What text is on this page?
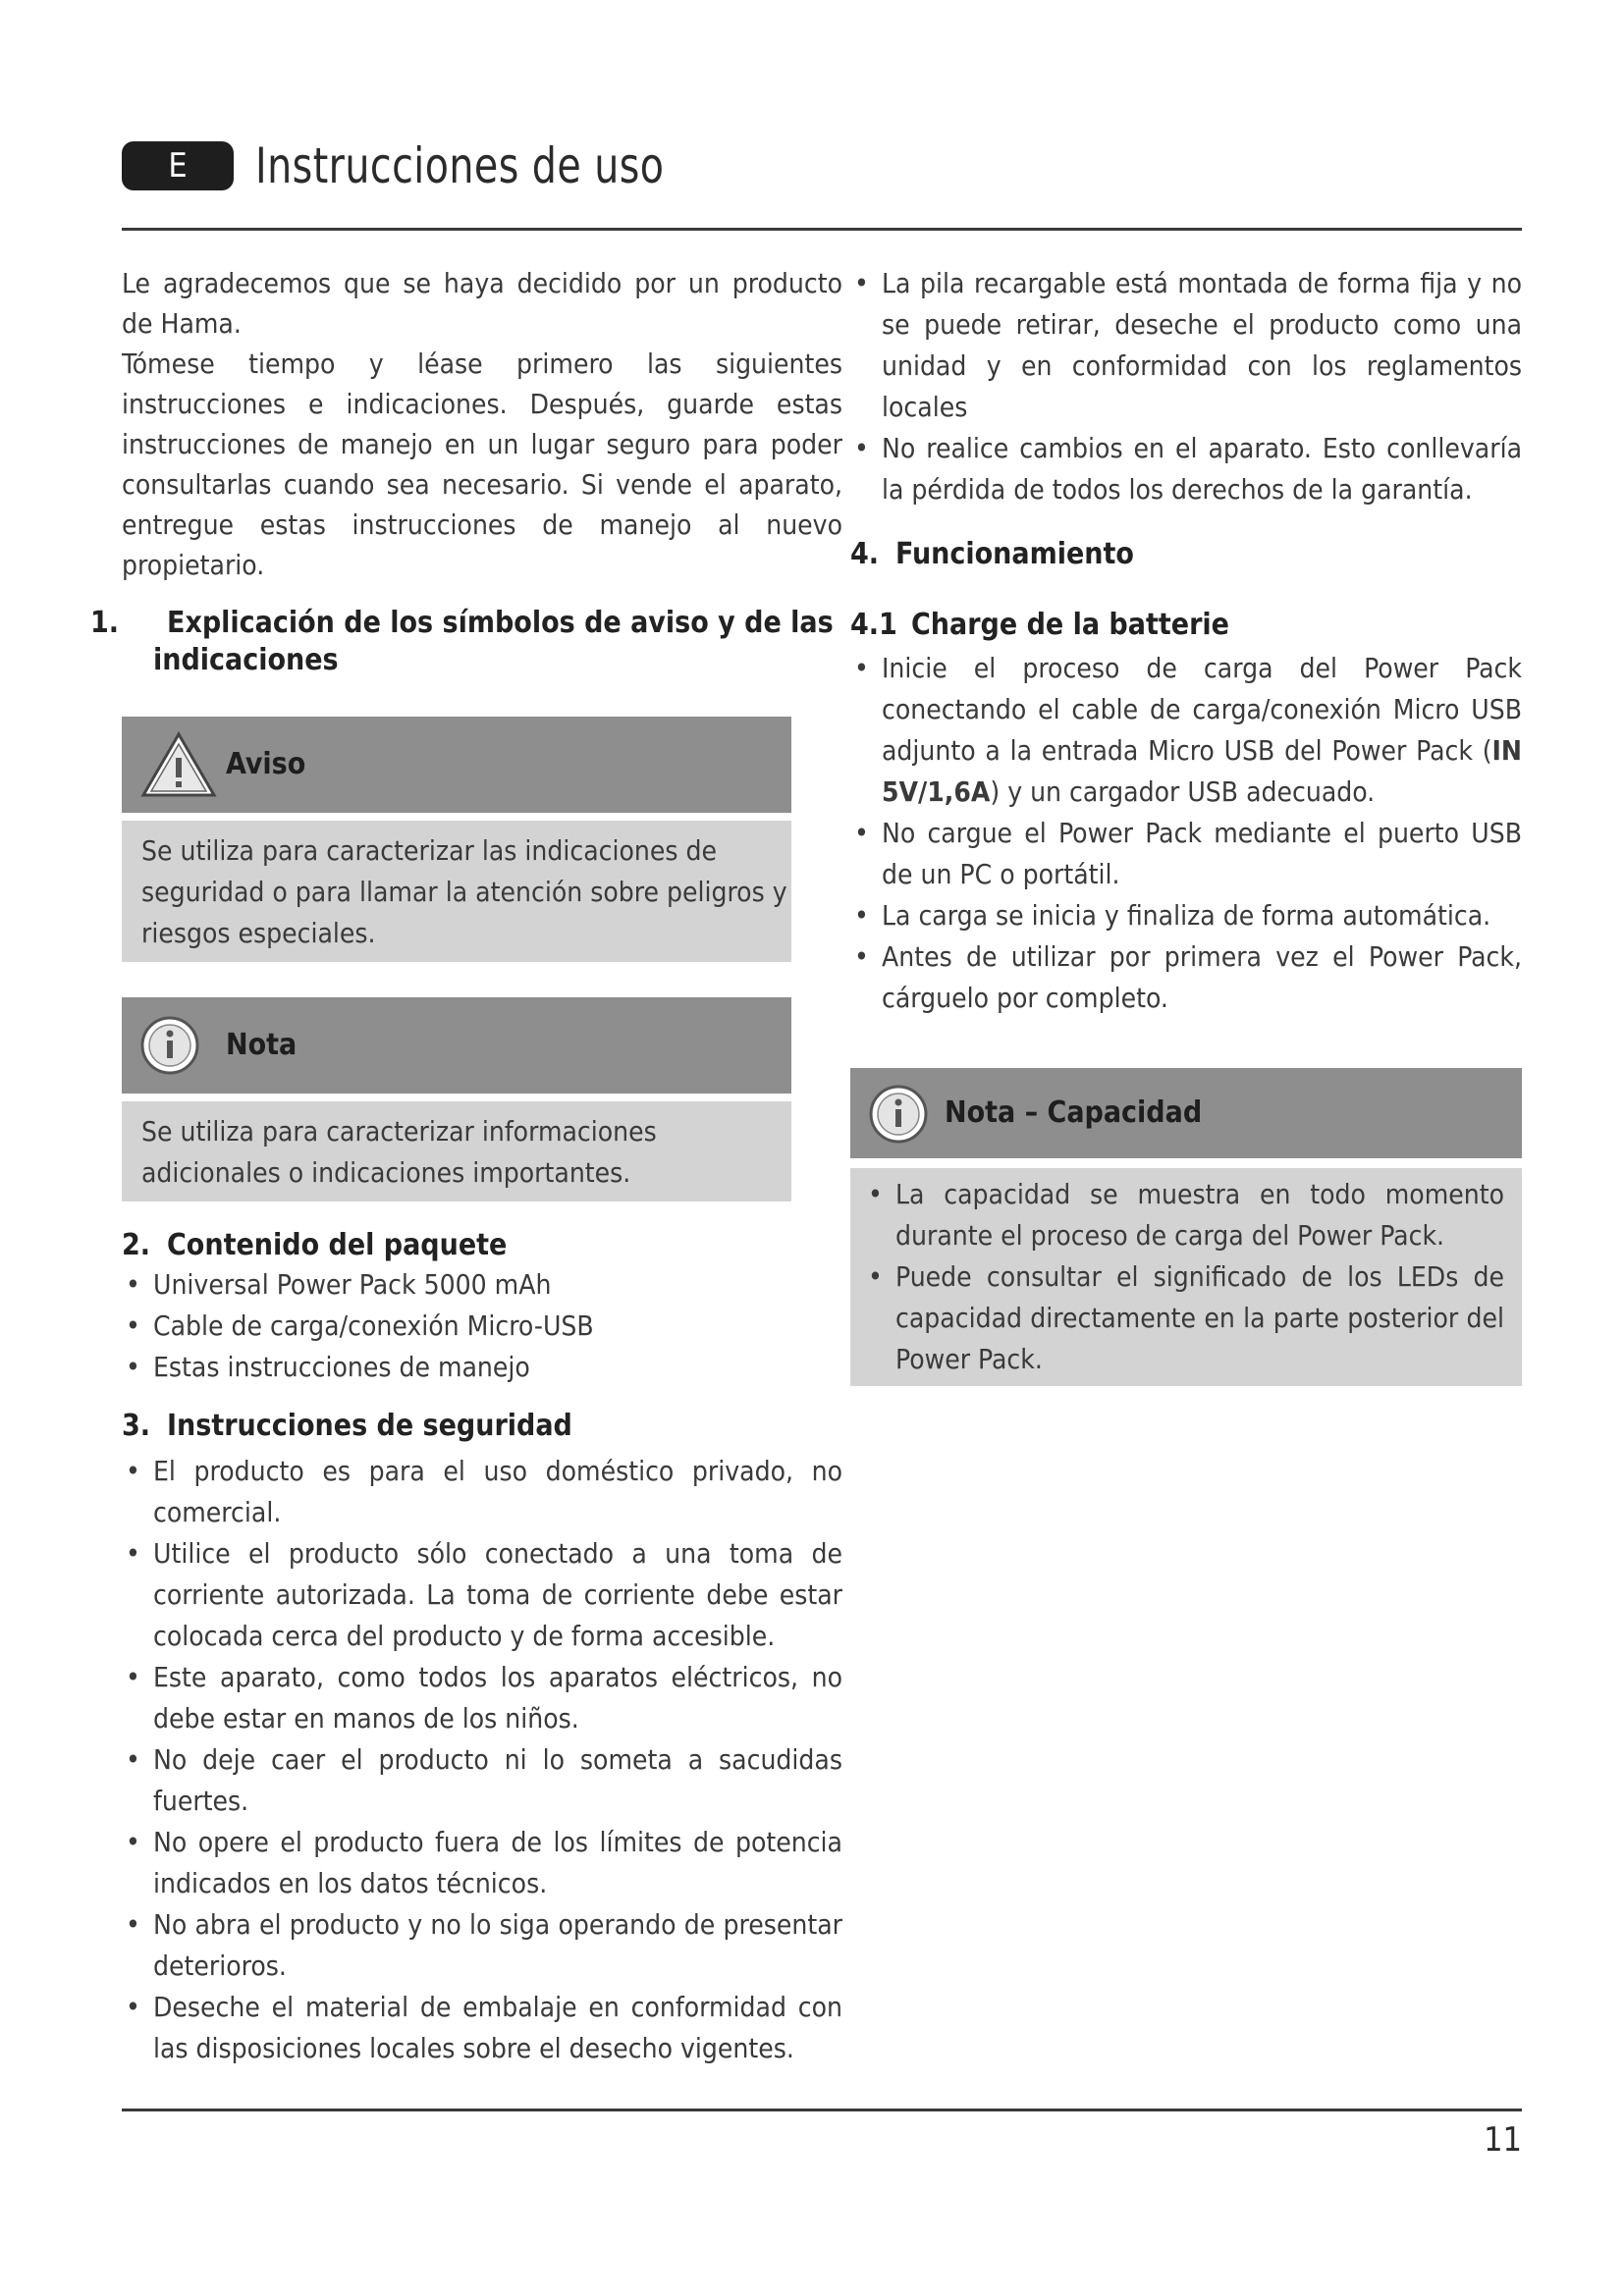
E	Instrucciones de uso

Le agradecemos que se haya decidido por un producto de Hama.

Tómese tiempo y léase primero las siguientes instrucciones e indicaciones. Después, guarde estas instrucciones de manejo en un lugar seguro para poder consultarlas cuando sea necesario. Si vende el aparato, entregue estas instrucciones de manejo al nuevo propietario.

1. Explicación de los símbolos de aviso y de las indicaciones
Aviso
Se utiliza para caracterizar las indicaciones de seguridad o para llamar la atención sobre peligros y riesgos especiales.
Nota
Se utiliza para caracterizar informaciones adicionales o indicaciones importantes.
2. Contenido del paquete
• Universal Power Pack 5000 mAh
• Cable de carga/conexión Micro-USB
• Estas instrucciones de manejo
3. Instrucciones de seguridad
• El producto es para el uso doméstico privado, no comercial.
• Utilice el producto sólo conectado a una toma de corriente autorizada. La toma de corriente debe estar colocada cerca del producto y de forma accesible.
• Este aparato, como todos los aparatos eléctricos, no debe estar en manos de los niños.
• No deje caer el producto ni lo someta a sacudidas fuertes.
• No opere el producto fuera de los límites de potencia indicados en los datos técnicos.
• No abra el producto y no lo siga operando de presentar deterioros.
• Deseche el material de embalaje en conformidad con las disposiciones locales sobre el desecho vigentes.
• La pila recargable está montada de forma fija y no se puede retirar, deseche el producto como una unidad y en conformidad con los reglamentos locales
• No realice cambios en el aparato. Esto conllevaría la pérdida de todos los derechos de la garantía.
4. Funcionamiento
4.1 Charge de la batterie
• Inicie el proceso de carga del Power Pack conectando el cable de carga/conexión Micro USB adjunto a la entrada Micro USB del Power Pack (IN 5V/1,6A) y un cargador USB adecuado.
• No cargue el Power Pack mediante el puerto USB de un PC o portátil.
• La carga se inicia y finaliza de forma automática.
• Antes de utilizar por primera vez el Power Pack, cárguelo por completo.
Nota – Capacidad
• La capacidad se muestra en todo momento durante el proceso de carga del Power Pack.
• Puede consultar el significado de los LEDs de capacidad directamente en la parte posterior del Power Pack.
11
